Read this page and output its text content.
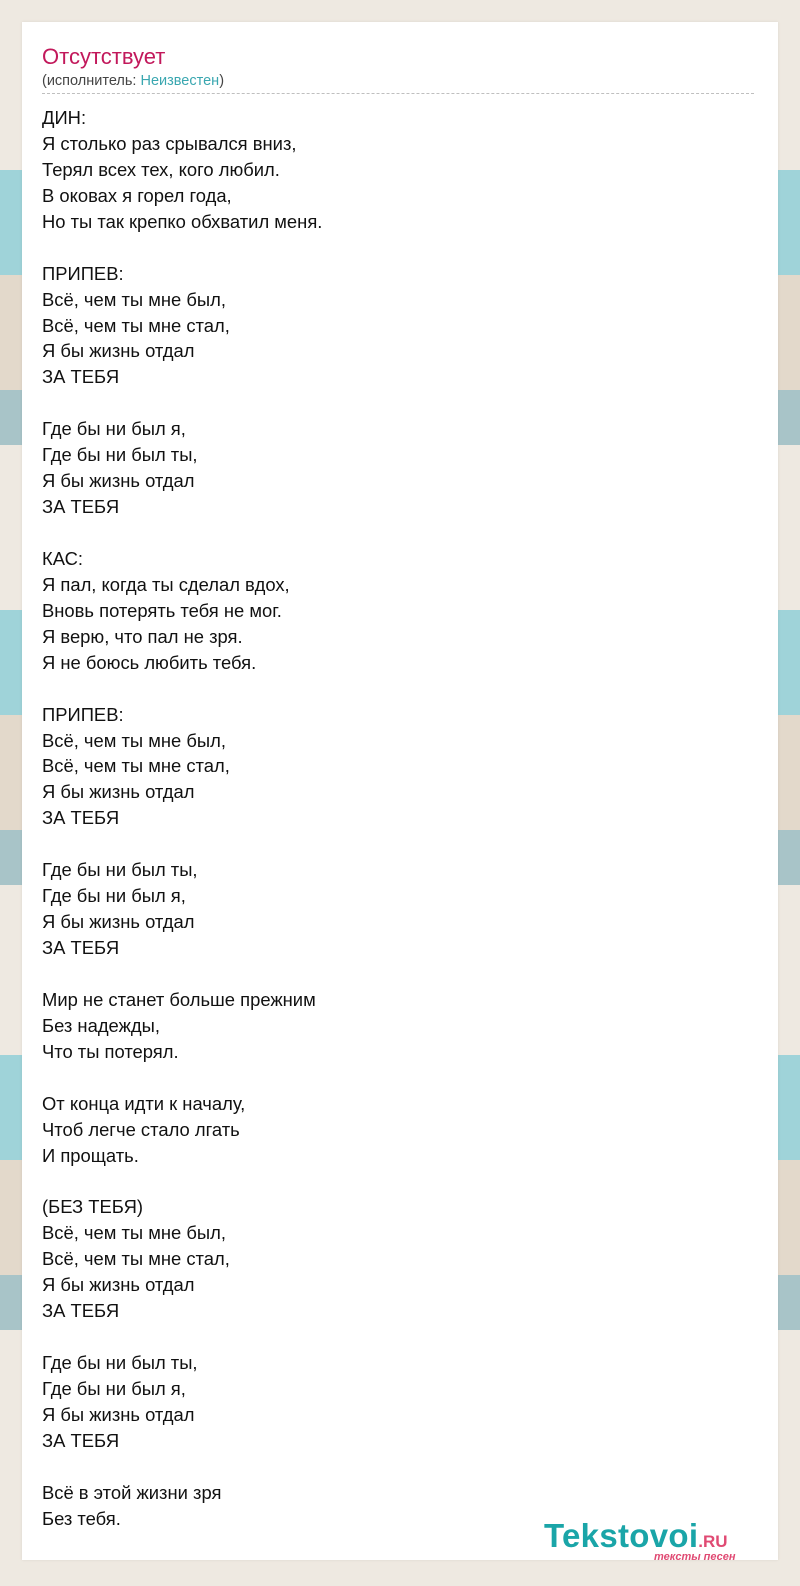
Отсутствует
(исполнитель: Неизвестен)
ДИН:
Я столько раз срывался вниз,
Терял всех тех, кого любил.
В оковах я горел года,
Но ты так крепко обхватил меня.
ПРИПЕВ:
Всё, чем ты мне был,
Всё, чем ты мне стал,
Я бы жизнь отдал
ЗА ТЕБЯ
Где бы ни был я,
Где бы ни был ты,
Я бы жизнь отдал
ЗА ТЕБЯ
КАС:
Я пал, когда ты сделал вдох,
Вновь потерять тебя не мог.
Я верю, что пал не зря.
Я не боюсь любить тебя.
ПРИПЕВ:
Всё, чем ты мне был,
Всё, чем ты мне стал,
Я бы жизнь отдал
ЗА ТЕБЯ
Где бы ни был ты,
Где бы ни был я,
Я бы жизнь отдал
ЗА ТЕБЯ
Мир не станет больше прежним
Без надежды,
Что ты потерял.
От конца идти к началу,
Чтоб легче стало лгать
И прощать.
(БЕЗ ТЕБЯ)
Всё, чем ты мне был,
Всё, чем ты мне стал,
Я бы жизнь отдал
ЗА ТЕБЯ
Где бы ни был ты,
Где бы ни был я,
Я бы жизнь отдал
ЗА ТЕБЯ
Всё в этой жизни зря
Без тебя.	Tekstovoi.RU
тексты песен
